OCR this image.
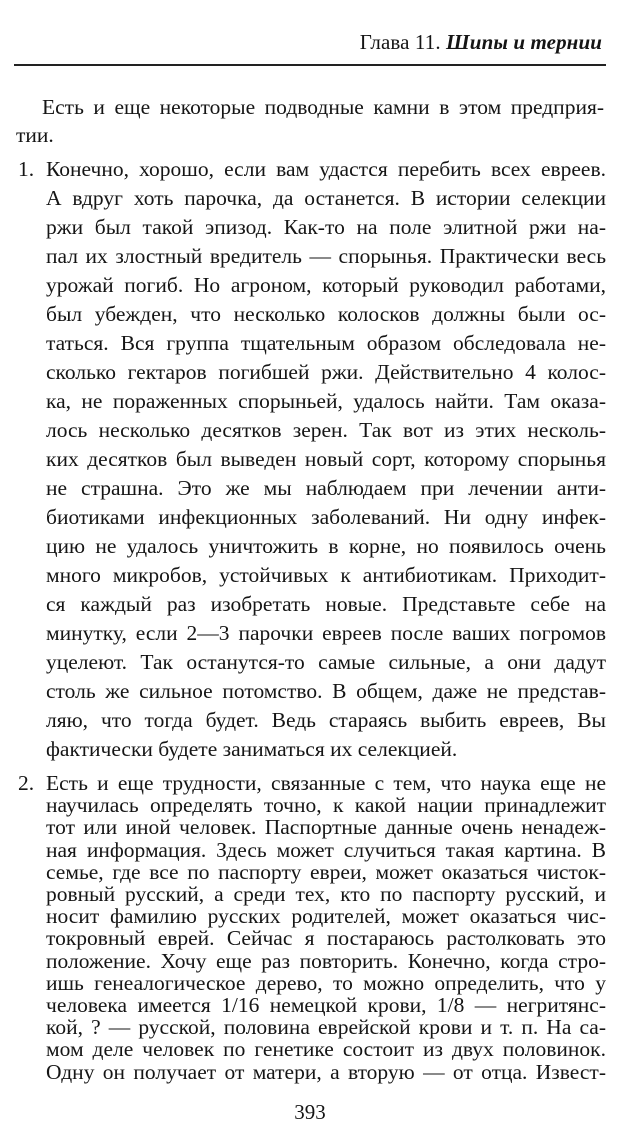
Глава 11. Шипы и тернии
Есть и еще некоторые подводные камни в этом предприя-
тии.
1. Конечно, хорошо, если вам удастся перебить всех евреев.
А вдруг хоть парочка, да останется. В истории селекции
ржи был такой эпизод. Как-то на поле элитной ржи на-
пал их злостный вредитель — спорынья. Практически весь
урожай погиб. Но агроном, который руководил работами,
был убежден, что несколько колосков должны были ос-
таться. Вся группа тщательным образом обследовала не-
сколько гектаров погибшей ржи. Действительно 4 колос-
ка, не пораженных спорыньей, удалось найти. Там оказа-
лось несколько десятков зерен. Так вот из этих несколь-
ких десятков был выведен новый сорт, которому спорынья
не страшна. Это же мы наблюдаем при лечении анти-
биотиками инфекционных заболеваний. Ни одну инфек-
цию не удалось уничтожить в корне, но появилось очень
много микробов, устойчивых к антибиотикам. Приходит-
ся каждый раз изобретать новые. Представьте себе на
минутку, если 2—3 парочки евреев после ваших погромов
уцелеют. Так останутся-то самые сильные, а они дадут
столь же сильное потомство. В общем, даже не представ-
ляю, что тогда будет. Ведь стараясь выбить евреев, Вы
фактически будете заниматься их селекцией.
2. Есть и еще трудности, связанные с тем, что наука еще не
научилась определять точно, к какой нации принадлежит
тот или иной человек. Паспортные данные очень ненадеж-
ная информация. Здесь может случиться такая картина. В
семье, где все по паспорту евреи, может оказаться чисток-
ровный русский, а среди тех, кто по паспорту русский, и
носит фамилию русских родителей, может оказаться чис-
токровный еврей. Сейчас я постараюсь растолковать это
положение. Хочу еще раз повторить. Конечно, когда стро-
ишь генеалогическое дерево, то можно определить, что у
человека имеется 1/16 немецкой крови, 1/8 — негритянс-
кой, ? — русской, половина еврейской крови и т. п. На са-
мом деле человек по генетике состоит из двух половинок.
Одну он получает от матери, а вторую — от отца. Извест-
393
